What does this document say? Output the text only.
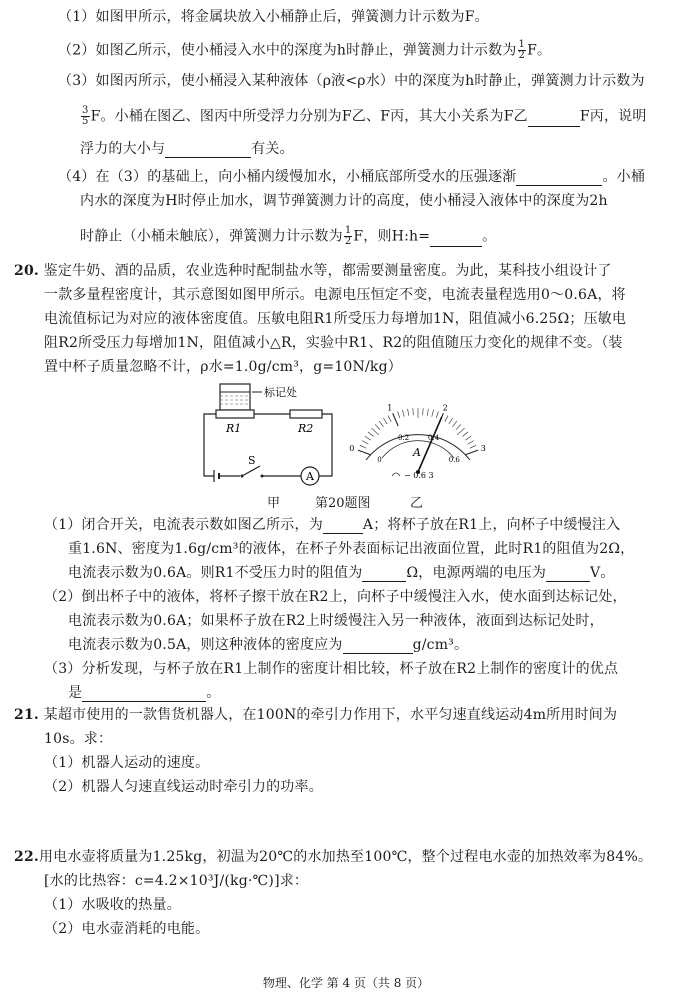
（1）如图甲所示，将金属块放入小桶静止后，弹簧测力计示数为F。
（2）如图乙所示，使小桶浸入水中的深度为h时静止，弹簧测力计示数为 $\frac{1}{2}$ F。
（3）如图丙所示，使小桶浸入某种液体（ρ液<ρ水）中的深度为h时静止，弹簧测力计示数为
$\frac{3}{5}$ F。小桶在图乙、图丙中所受浮力分别为F乙、F丙，其大小关系为F乙	F丙，说明
浮力的大小与	有关。
（4）在（3）的基础上，向小桶内缓慢加水，小桶底部所受水的压强逐渐	。小桶
内水的深度为H时停止加水，调节弹簧测力计的高度，使小桶浸入液体中的深度为2h
时静止（小桶未触底），弹簧测力计示数为 $\frac{1}{2}$ F，则H:h=	。
20. 鉴定牛奶、酒的品质，农业选种时配制盐水等，都需要测量密度。为此，某科技小组设计了
一款多量程密度计，其示意图如图甲所示。电源电压恒定不变，电流表量程选用0～0.6A，将
电流值标记为对应的液体密度值。压敏电阻R1所受压力每增加1N，阻值减小6.25Ω；压敏电
阻R2所受压力每增加1N，阻值减小△R，实验中R1、R2的阻值随压力变化的规律不变。（装
置中杯子质量忽略不计，ρ水=1.0g/cm³，g=10N/kg）
标记处
R1	R2
S
A
0
1	2
3
0
0.2	0.4
0.6
A
− 0.6 3
甲	第20题图	乙
（1）闭合开关，电流表示数如图乙所示，为	A；将杯子放在R1上，向杯子中缓慢注入
重1.6N、密度为1.6g/cm³的液体，在杯子外表面标记出液面位置，此时R1的阻值为2Ω，
电流表示数为0.6A。则R1不受压力时的阻值为	Ω，电源两端的电压为	V。
（2）倒出杯子中的液体，将杯子擦干放在R2上，向杯子中缓慢注入水，使水面到达标记处，
电流表示数为0.6A；如果杯子放在R2上时缓慢注入另一种液体，液面到达标记处时，
电流表示数为0.5A，则这种液体的密度应为	g/cm³。
（3）分析发现，与杯子放在R1上制作的密度计相比较，杯子放在R2上制作的密度计的优点
是	。
21. 某超市使用的一款售货机器人，在100N的牵引力作用下，水平匀速直线运动4m所用时间为
10s。求：
（1）机器人运动的速度。
（2）机器人匀速直线运动时牵引力的功率。
22.用电水壶将质量为1.25kg，初温为20℃的水加热至100℃，整个过程电水壶的加热效率为84%。
[水的比热容：c=4.2×10³J/(kg·℃)]求：
（1）水吸收的热量。
（2）电水壶消耗的电能。
物理、化学 第 4 页（共 8 页）
